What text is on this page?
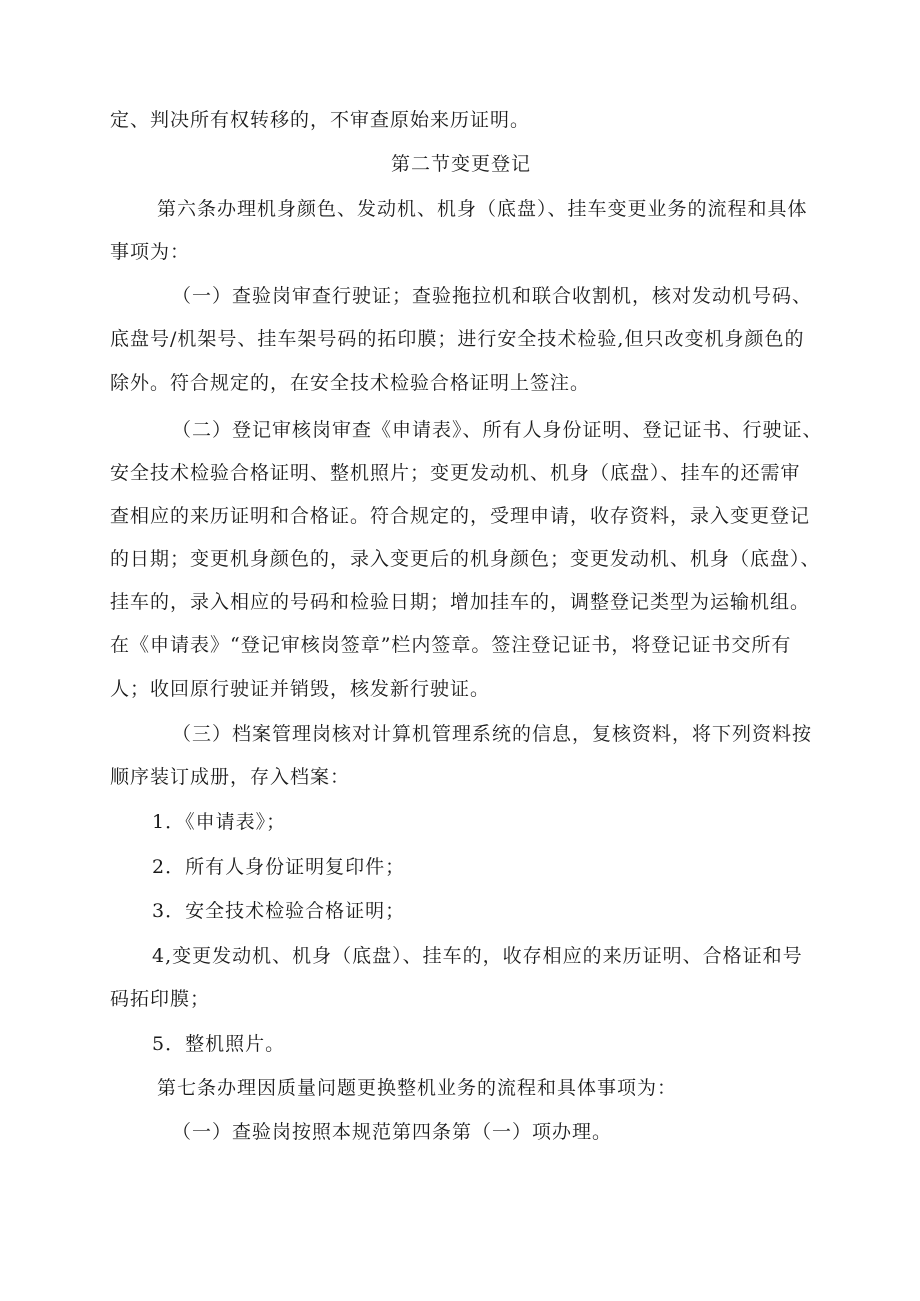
定、判决所有权转移的，不审查原始来历证明。
第二节变更登记
第六条办理机身颜色、发动机、机身（底盘）、挂车变更业务的流程和具体
事项为：
（一）查验岗审查行驶证；查验拖拉机和联合收割机，核对发动机号码、
底盘号/机架号、挂车架号码的拓印膜；进行安全技术检验,但只改变机身颜色的
除外。符合规定的，在安全技术检验合格证明上签注。
（二）登记审核岗审查《申请表》、所有人身份证明、登记证书、行驶证、
安全技术检验合格证明、整机照片；变更发动机、机身（底盘）、挂车的还需审
查相应的来历证明和合格证。符合规定的，受理申请，收存资料，录入变更登记
的日期；变更机身颜色的，录入变更后的机身颜色；变更发动机、机身（底盘）、
挂车的，录入相应的号码和检验日期；增加挂车的，调整登记类型为运输机组。
在《申请表》“登记审核岗签章”栏内签章。签注登记证书，将登记证书交所有
人；收回原行驶证并销毁，核发新行驶证。
（三）档案管理岗核对计算机管理系统的信息，复核资料，将下列资料按
顺序装订成册，存入档案：
1．《申请表》；
2．所有人身份证明复印件；
3．安全技术检验合格证明；
4,变更发动机、机身（底盘）、挂车的，收存相应的来历证明、合格证和号
码拓印膜；
5．整机照片。
第七条办理因质量问题更换整机业务的流程和具体事项为：
（一）查验岗按照本规范第四条第（一）项办理。
